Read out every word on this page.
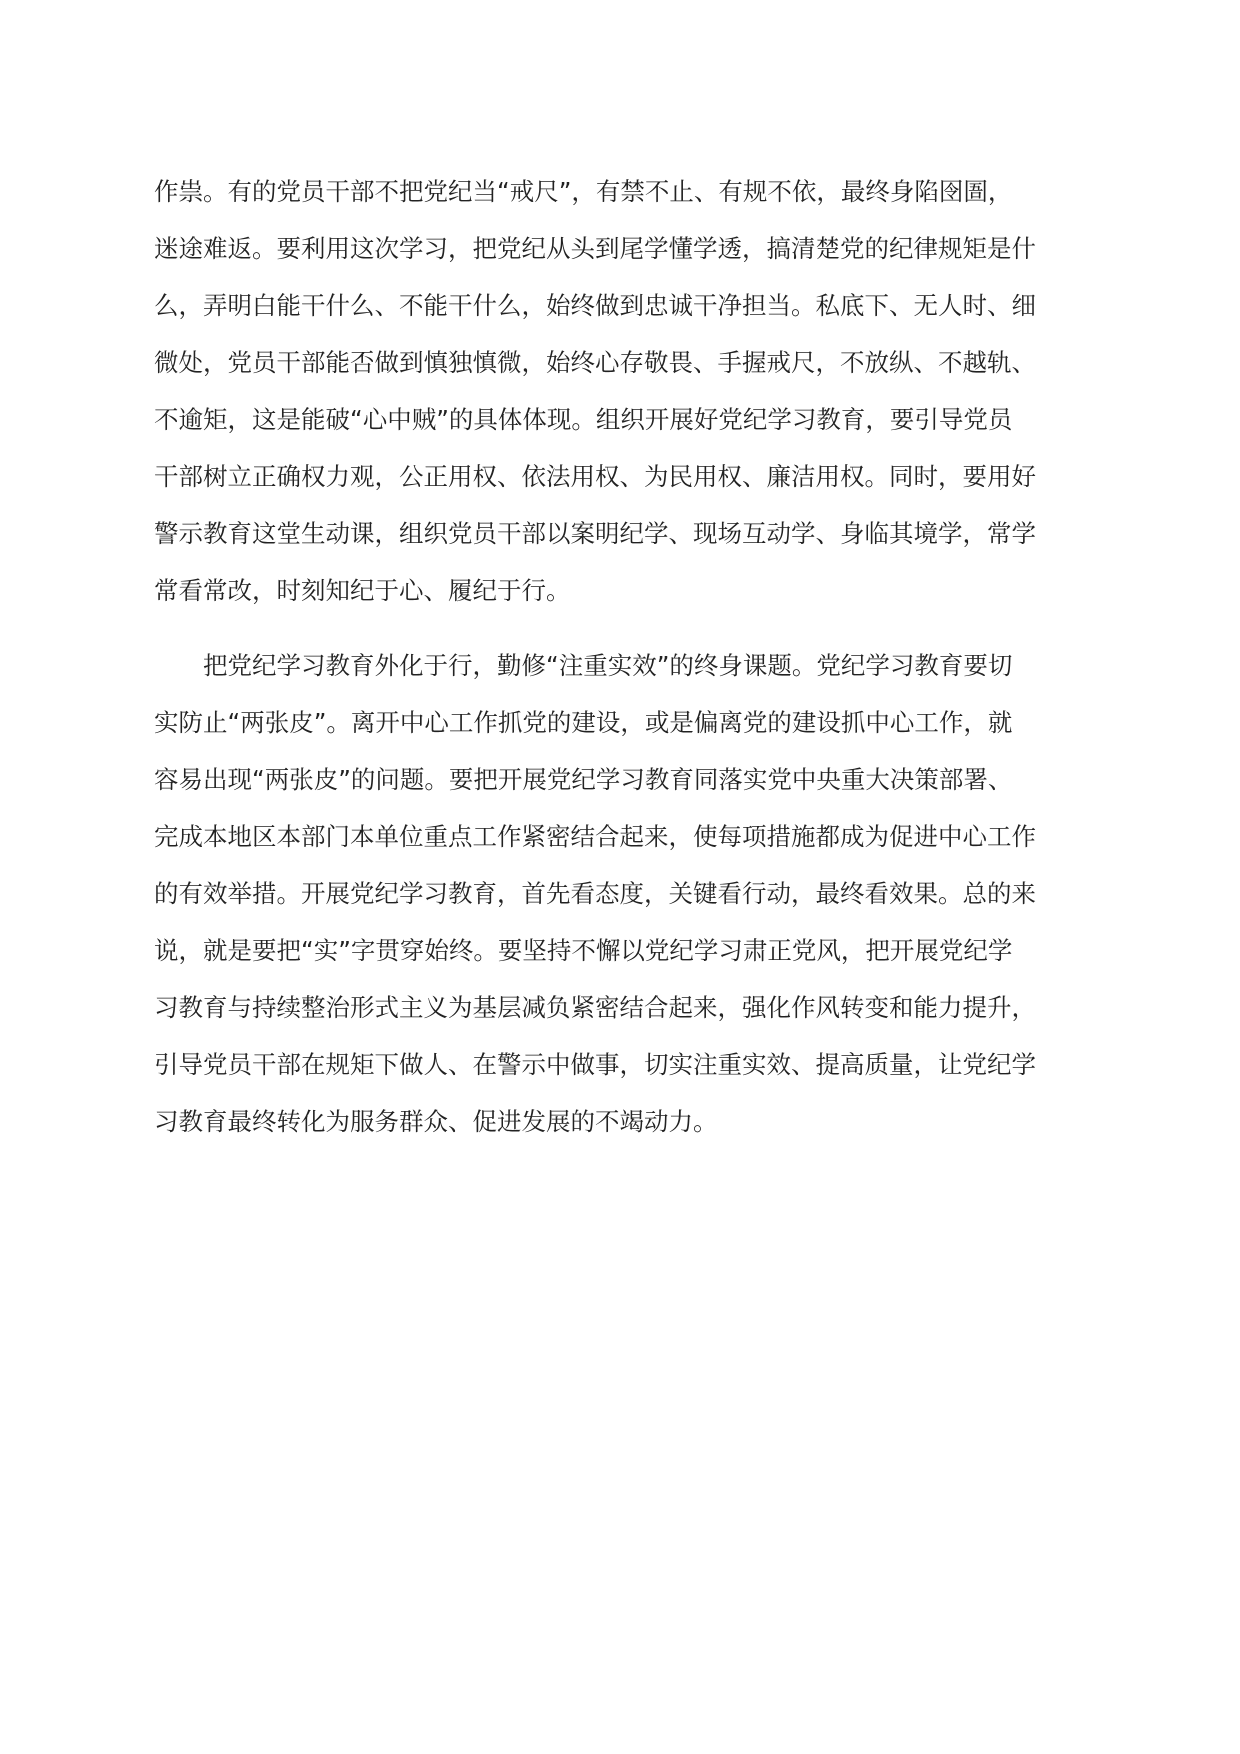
作祟。有的党员干部不把党纪当“戒尺”，有禁不止、有规不依，最终身陷囹圄，
迷途难返。要利用这次学习，把党纪从头到尾学懂学透，搞清楚党的纪律规矩是什
么，弄明白能干什么、不能干什么，始终做到忠诚干净担当。私底下、无人时、细
微处，党员干部能否做到慎独慎微，始终心存敬畏、手握戒尺，不放纵、不越轨、
不逾矩，这是能破“心中贼”的具体体现。组织开展好党纪学习教育，要引导党员
干部树立正确权力观，公正用权、依法用权、为民用权、廉洁用权。同时，要用好
警示教育这堂生动课，组织党员干部以案明纪学、现场互动学、身临其境学，常学
常看常改，时刻知纪于心、履纪于行。
把党纪学习教育外化于行，勤修“注重实效”的终身课题。党纪学习教育要切
实防止“两张皮”。离开中心工作抓党的建设，或是偏离党的建设抓中心工作，就
容易出现“两张皮”的问题。要把开展党纪学习教育同落实党中央重大决策部署、
完成本地区本部门本单位重点工作紧密结合起来，使每项措施都成为促进中心工作
的有效举措。开展党纪学习教育，首先看态度，关键看行动，最终看效果。总的来
说，就是要把“实”字贯穿始终。要坚持不懈以党纪学习肃正党风，把开展党纪学
习教育与持续整治形式主义为基层减负紧密结合起来，强化作风转变和能力提升，
引导党员干部在规矩下做人、在警示中做事，切实注重实效、提高质量，让党纪学
习教育最终转化为服务群众、促进发展的不竭动力。
